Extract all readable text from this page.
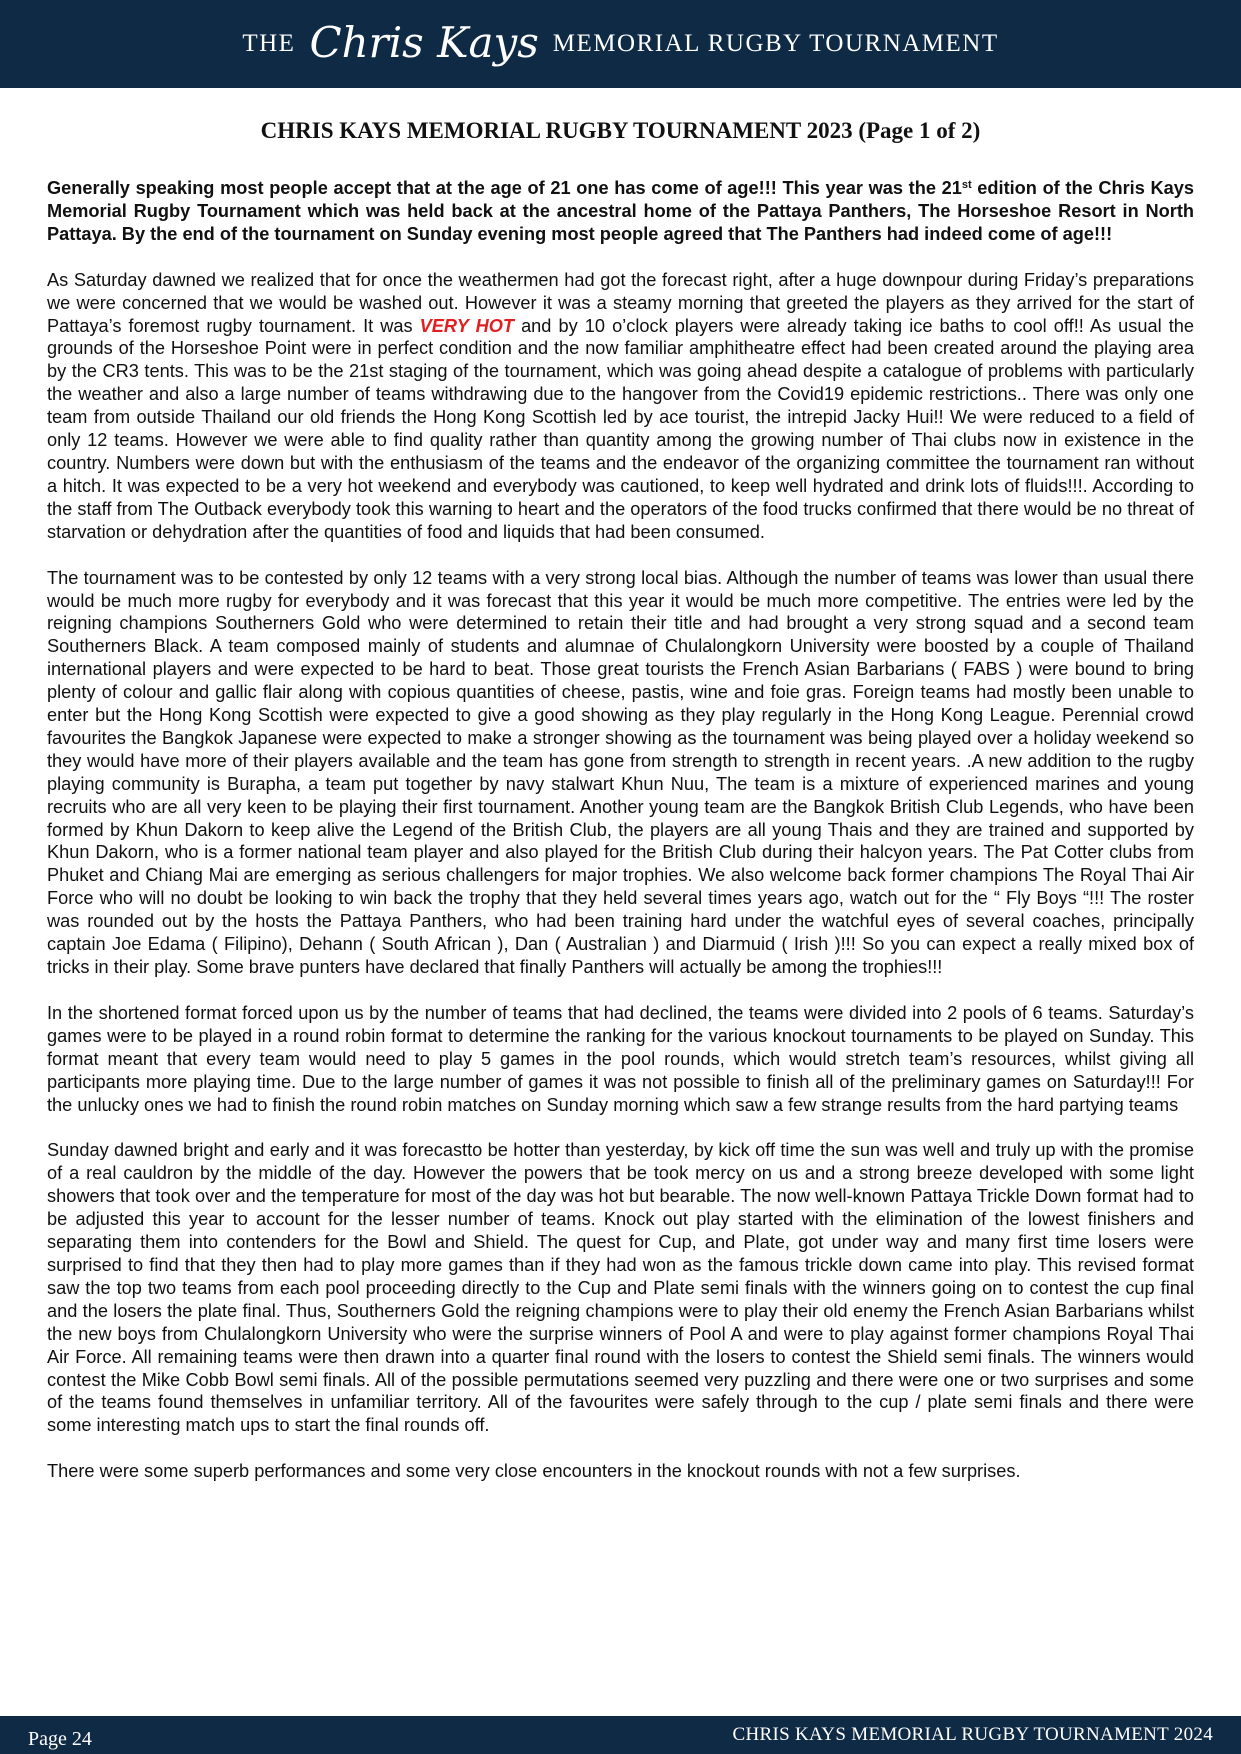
THE Chris Kays MEMORIAL RUGBY TOURNAMENT
CHRIS KAYS MEMORIAL RUGBY TOURNAMENT 2023 (Page 1 of 2)

Generally speaking most people accept that at the age of 21 one has come of age!!! This year was the 21st edition of the Chris Kays Memorial Rugby Tournament which was held back at the ancestral home of the Pattaya Panthers, The Horseshoe Resort in North Pattaya. By the end of the tournament on Sunday evening most people agreed that The Panthers had indeed come of age!!!

As Saturday dawned we realized that for once the weathermen had got the forecast right, after a huge downpour during Friday’s preparations we were concerned that we would be washed out. However it was a steamy morning that greeted the players as they arrived for the start of Pattaya’s foremost rugby tournament. It was VERY HOT and by 10 o’clock players were already taking ice baths to cool off!! As usual the grounds of the Horseshoe Point were in perfect condition and the now familiar amphitheatre effect had been created around the playing area by the CR3 tents. This was to be the 21st staging of the tournament, which was going ahead despite a catalogue of problems with particularly the weather and also a large number of teams withdrawing due to the hangover from the Covid19 epidemic restrictions.. There was only one team from outside Thailand our old friends the Hong Kong Scottish led by ace tourist, the intrepid Jacky Hui!! We were reduced to a field of only 12 teams. However we were able to find quality rather than quantity among the growing number of Thai clubs now in existence in the country. Numbers were down but with the enthusiasm of the teams and the endeavor of the organizing committee the tournament ran without a hitch. It was expected to be a very hot weekend and everybody was cautioned, to keep well hydrated and drink lots of fluids!!!. According to the staff from The Outback everybody took this warning to heart and the operators of the food trucks confirmed that there would be no threat of starvation or dehydration after the quantities of food and liquids that had been consumed.

The tournament was to be contested by only 12 teams with a very strong local bias. Although the number of teams was lower than usual there would be much more rugby for everybody and it was forecast that this year it would be much more competitive. The entries were led by the reigning champions Southerners Gold who were determined to retain their title and had brought a very strong squad and a second team Southerners Black. A team composed mainly of students and alumnae of Chulalongkorn University were boosted by a couple of Thailand international players and were expected to be hard to beat. Those great tourists the French Asian Barbarians ( FABS ) were bound to bring plenty of colour and gallic flair along with copious quantities of cheese, pastis, wine and foie gras. Foreign teams had mostly been unable to enter but the Hong Kong Scottish were expected to give a good showing as they play regularly in the Hong Kong League. Perennial crowd favourites the Bangkok Japanese were expected to make a stronger showing as the tournament was being played over a holiday weekend so they would have more of their players available and the team has gone from strength to strength in recent years. .A new addition to the rugby playing community is Burapha, a team put together by navy stalwart Khun Nuu, The team is a mixture of experienced marines and young recruits who are all very keen to be playing their first tournament. Another young team are the Bangkok British Club Legends, who have been formed by Khun Dakorn to keep alive the Legend of the British Club, the players are all young Thais and they are trained and supported by Khun Dakorn, who is a former national team player and also played for the British Club during their halcyon years. The Pat Cotter clubs from Phuket and Chiang Mai are emerging as serious challengers for major trophies. We also welcome back former champions The Royal Thai Air Force who will no doubt be looking to win back the trophy that they held several times years ago, watch out for the “ Fly Boys “!!! The roster was rounded out by the hosts the Pattaya Panthers, who had been training hard under the watchful eyes of several coaches, principally captain Joe Edama ( Filipino), Dehann ( South African ), Dan ( Australian ) and Diarmuid ( Irish )!!! So you can expect a really mixed box of tricks in their play. Some brave punters have declared that finally Panthers will actually be among the trophies!!!

In the shortened format forced upon us by the number of teams that had declined, the teams were divided into 2 pools of 6 teams. Saturday’s games were to be played in a round robin format to determine the ranking for the various knockout tournaments to be played on Sunday. This format meant that every team would need to play 5 games in the pool rounds, which would stretch team’s resources, whilst giving all participants more playing time. Due to the large number of games it was not possible to finish all of the preliminary games on Saturday!!! For the unlucky ones we had to finish the round robin matches on Sunday morning which saw a few strange results from the hard partying teams

Sunday dawned bright and early and it was forecastto be hotter than yesterday, by kick off time the sun was well and truly up with the promise of a real cauldron by the middle of the day. However the powers that be took mercy on us and a strong breeze developed with some light showers that took over and the temperature for most of the day was hot but bearable. The now well-known Pattaya Trickle Down format had to be adjusted this year to account for the lesser number of teams. Knock out play started with the elimination of the lowest finishers and separating them into contenders for the Bowl and Shield. The quest for Cup, and Plate, got under way and many first time losers were surprised to find that they then had to play more games than if they had won as the famous trickle down came into play. This revised format saw the top two teams from each pool proceeding directly to the Cup and Plate semi finals with the winners going on to contest the cup final and the losers the plate final. Thus, Southerners Gold the reigning champions were to play their old enemy the French Asian Barbarians whilst the new boys from Chulalongkorn University who were the surprise winners of Pool A and were to play against former champions Royal Thai Air Force. All remaining teams were then drawn into a quarter final round with the losers to contest the Shield semi finals. The winners would contest the Mike Cobb Bowl semi finals. All of the possible permutations seemed very puzzling and there were one or two surprises and some of the teams found themselves in unfamiliar territory. All of the favourites were safely through to the cup / plate semi finals and there were some interesting match ups to start the final rounds off.

There were some superb performances and some very close encounters in the knockout rounds with not a few surprises.

Page 24	CHRIS KAYS MEMORIAL RUGBY TOURNAMENT 2024
